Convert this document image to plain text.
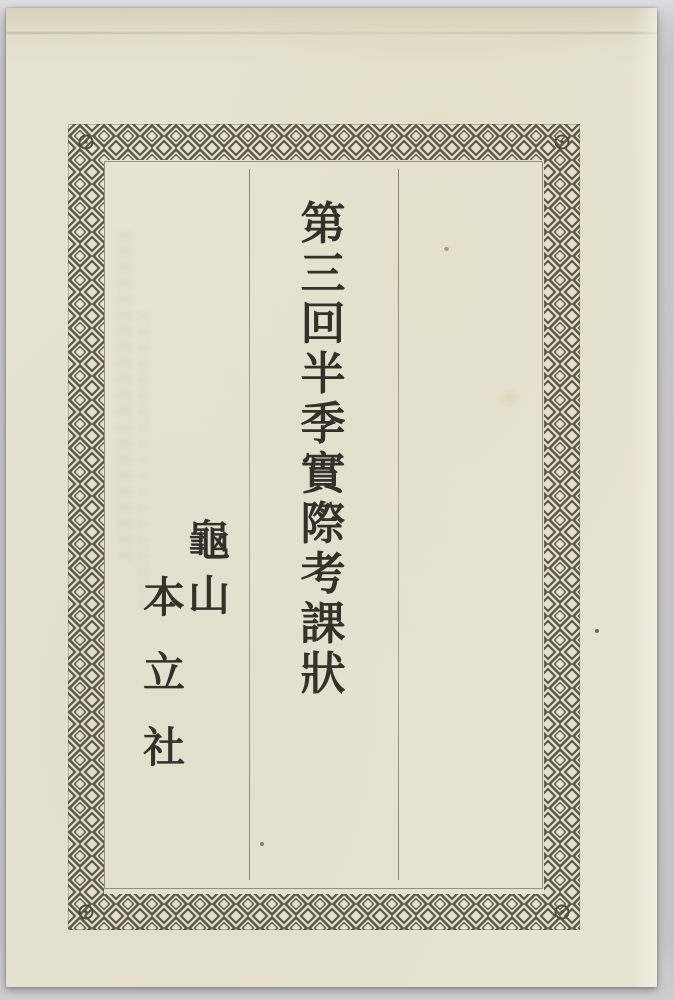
第
三
回
半
季
實
際
考
課
狀
龜
山
本
立
社
